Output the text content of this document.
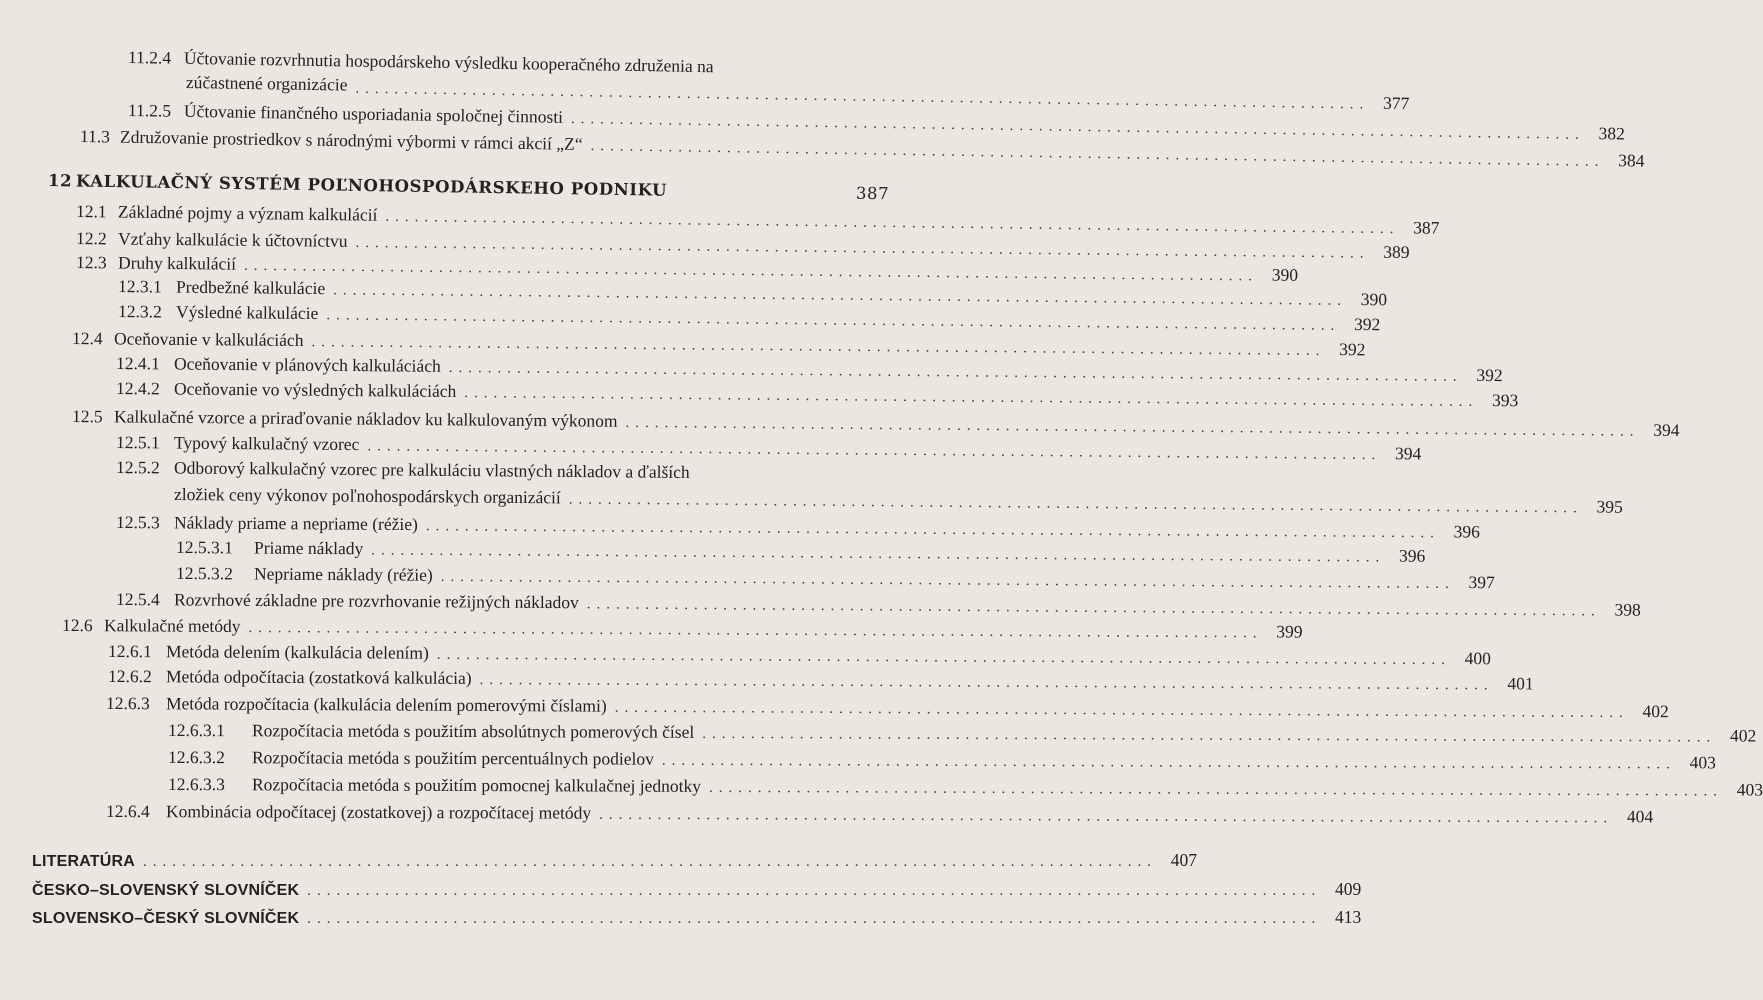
11.2.4 Účtovanie rozvrhnutia hospodárskeho výsledku kooperačného združenia na
zúčastnené organizácie ........................................................................................................ 377
11.2.5 Účtovanie finančného usporiadania spoločnej činnosti ........................................................................................................ 382
11.3 Združovanie prostriedkov s národnými výbormi v rámci akcií „Z“ ........................................................................................................ 384
12 KALKULAČNÝ SYSTÉM POĽNOHOSPODÁRSKEHO PODNIKU	387
12.1 Základné pojmy a význam kalkulácií ........................................................................................................ 387
12.2 Vzťahy kalkulácie k účtovníctvu ........................................................................................................ 389
12.3 Druhy kalkulácií ........................................................................................................ 390
12.3.1 Predbežné kalkulácie ........................................................................................................ 390
12.3.2 Výsledné kalkulácie ........................................................................................................ 392
12.4 Oceňovanie v kalkuláciách ........................................................................................................ 392
12.4.1 Oceňovanie v plánových kalkuláciách ........................................................................................................ 392
12.4.2 Oceňovanie vo výsledných kalkuláciách ........................................................................................................ 393
12.5 Kalkulačné vzorce a priraďovanie nákladov ku kalkulovaným výkonom ........................................................................................................ 394
12.5.1 Typový kalkulačný vzorec ........................................................................................................ 394
12.5.2 Odborový kalkulačný vzorec pre kalkuláciu vlastných nákladov a ďalších
zložiek ceny výkonov poľnohospodárskych organizácií ........................................................................................................ 395
12.5.3 Náklady priame a nepriame (réžie) ........................................................................................................ 396
12.5.3.1	Priame náklady ........................................................................................................ 396
12.5.3.2	Nepriame náklady (réžie) ........................................................................................................ 397
12.5.4 Rozvrhové základne pre rozvrhovanie režijných nákladov ........................................................................................................ 398
12.6 Kalkulačné metódy ........................................................................................................ 399
12.6.1 Metóda delením (kalkulácia delením) ........................................................................................................ 400
12.6.2 Metóda odpočítacia (zostatková kalkulácia) ........................................................................................................ 401
12.6.3 Metóda rozpočítacia (kalkulácia delením pomerovými číslami) ........................................................................................................ 402
12.6.3.1	Rozpočítacia metóda s použitím absolútnych pomerových čísel ........................................................................................................ 402
12.6.3.2	Rozpočítacia metóda s použitím percentuálnych podielov ........................................................................................................ 403
12.6.3.3	Rozpočítacia metóda s použitím pomocnej kalkulačnej jednotky ........................................................................................................ 403
12.6.4 Kombinácia odpočítacej (zostatkovej) a rozpočítacej metódy ........................................................................................................ 404
LITERATÚRA ........................................................................................................ 407
ČESKO–SLOVENSKÝ SLOVNÍČEK ........................................................................................................ 409
SLOVENSKO–ČESKÝ SLOVNÍČEK ........................................................................................................ 413
